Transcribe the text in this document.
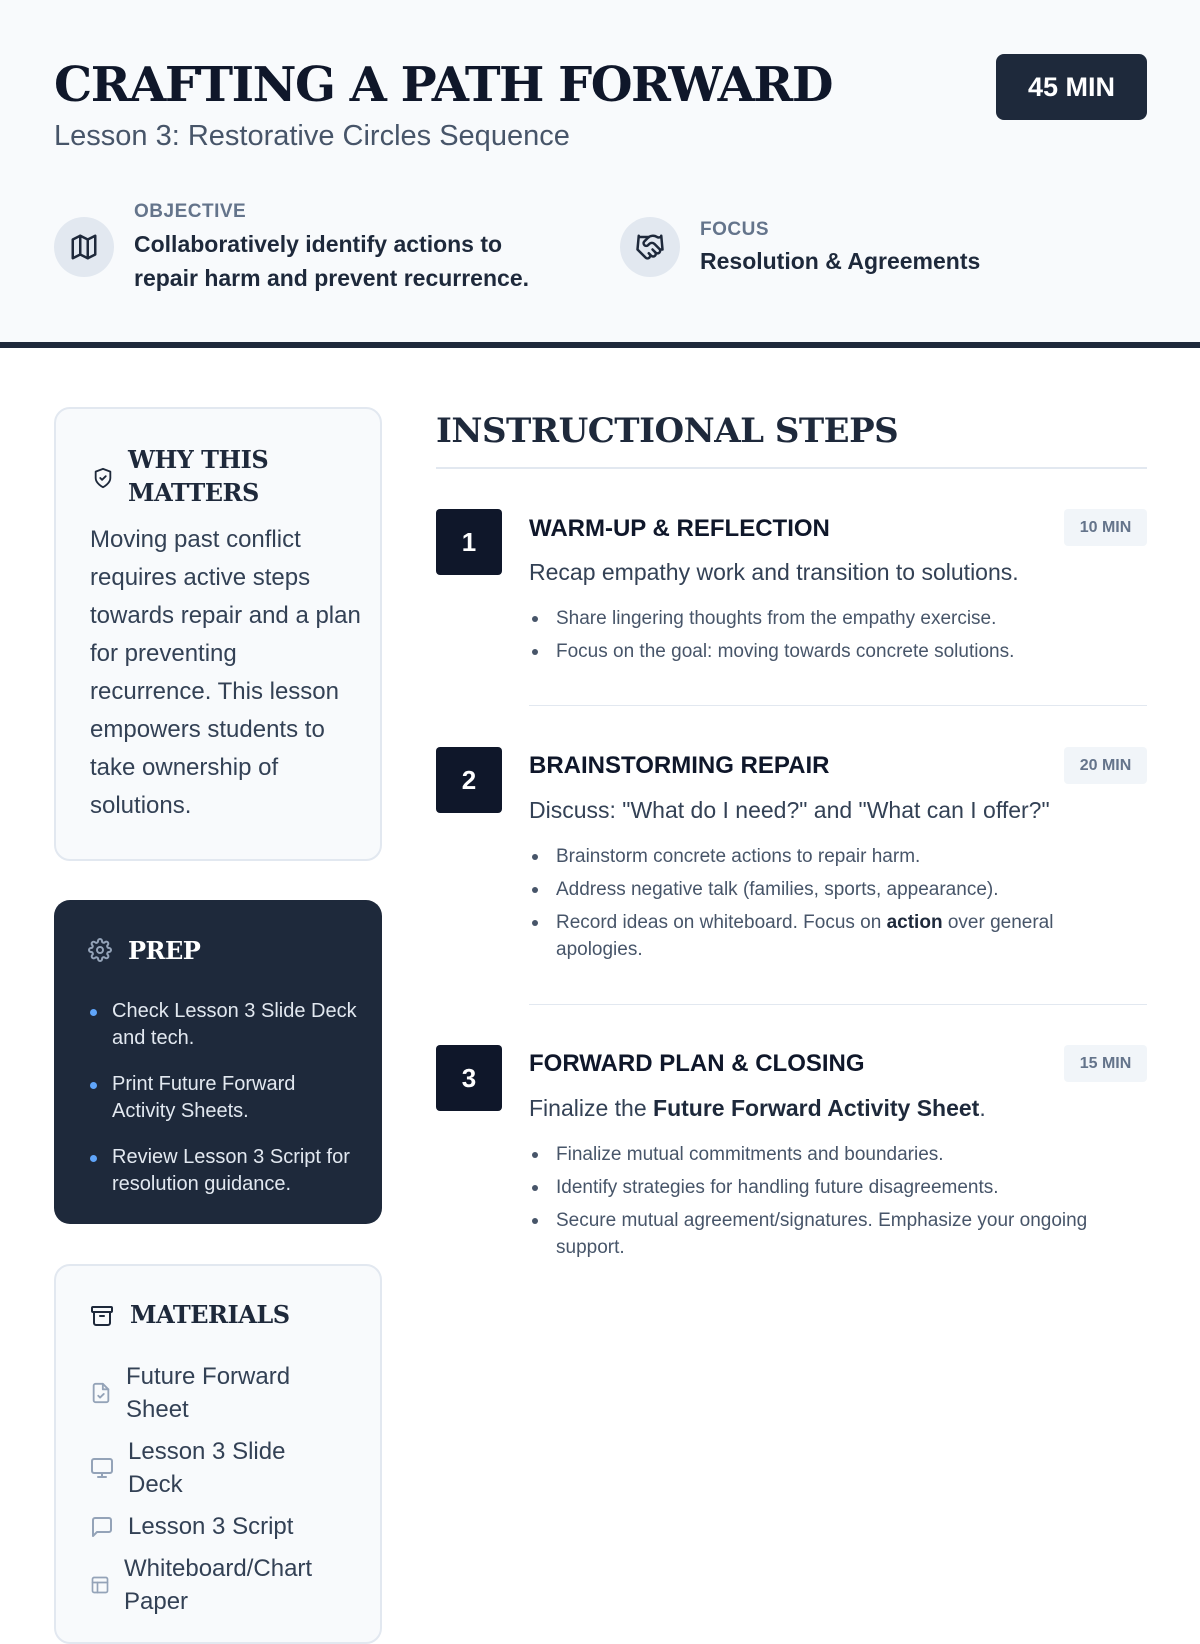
CRAFTING A PATH FORWARD
Lesson 3: Restorative Circles Sequence
45 MIN
OBJECTIVE
Collaboratively identify actions to
repair harm and prevent recurrence.
FOCUS
Resolution & Agreements
WHY THIS
MATTERS
Moving past conflict requires active steps towards repair and a plan for preventing recurrence. This lesson empowers students to take ownership of solutions.
PREP
Check Lesson 3 Slide Deck and tech.
Print Future Forward Activity Sheets.
Review Lesson 3 Script for resolution guidance.
MATERIALS
Future Forward Sheet
Lesson 3 Slide Deck
Lesson 3 Script
Whiteboard/Chart Paper
INSTRUCTIONAL STEPS
1	WARM-UP & REFLECTION	10 MIN
Recap empathy work and transition to solutions.
Share lingering thoughts from the empathy exercise.
Focus on the goal: moving towards concrete solutions.
2	BRAINSTORMING REPAIR	20 MIN
Discuss: "What do I need?" and "What can I offer?"
Brainstorm concrete actions to repair harm.
Address negative talk (families, sports, appearance).
Record ideas on whiteboard. Focus on action over general apologies.
3	FORWARD PLAN & CLOSING	15 MIN
Finalize the Future Forward Activity Sheet.
Finalize mutual commitments and boundaries.
Identify strategies for handling future disagreements.
Secure mutual agreement/signatures. Emphasize your ongoing support.
